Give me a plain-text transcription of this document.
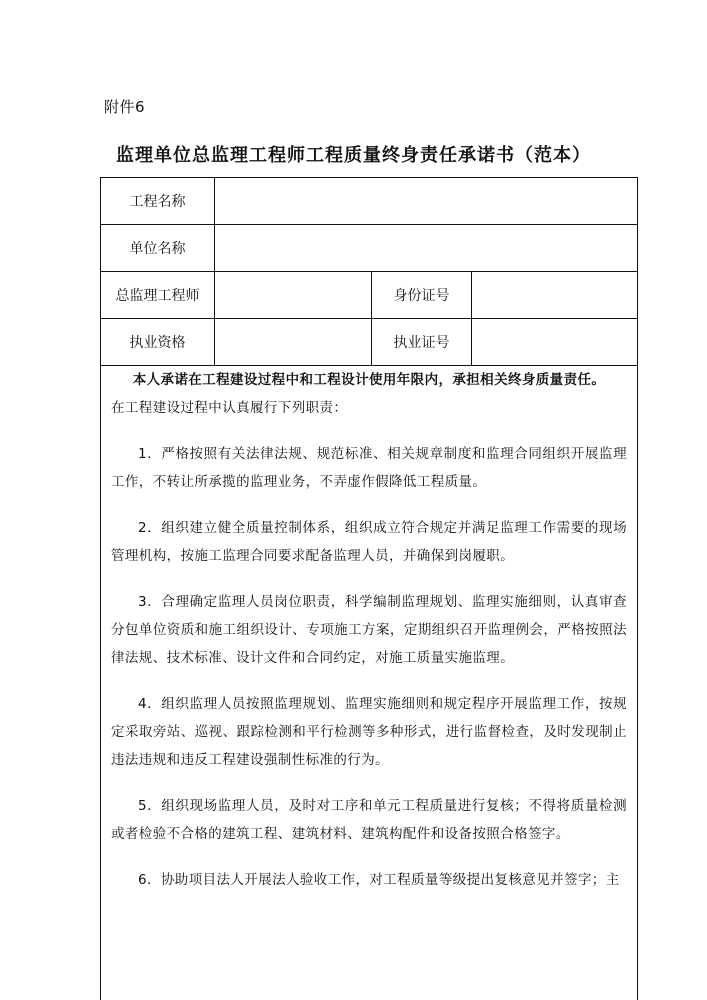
附件6
监理单位总监理工程师工程质量终身责任承诺书（范本）
工程名称
单位名称
总监理工程师	身份证号
执业资格	执业证号

本人承诺在工程建设过程中和工程设计使用年限内，承担相关终身质量责任。

在工程建设过程中认真履行下列职责：

1．严格按照有关法律法规、规范标准、相关规章制度和监理合同组织开展监理工作，不转让所承揽的监理业务，不弄虚作假降低工程质量。

2．组织建立健全质量控制体系，组织成立符合规定并满足监理工作需要的现场管理机构，按施工监理合同要求配备监理人员，并确保到岗履职。

3．合理确定监理人员岗位职责，科学编制监理规划、监理实施细则，认真审查分包单位资质和施工组织设计、专项施工方案，定期组织召开监理例会，严格按照法律法规、技术标准、设计文件和合同约定，对施工质量实施监理。

4．组织监理人员按照监理规划、监理实施细则和规定程序开展监理工作，按规定采取旁站、巡视、跟踪检测和平行检测等多种形式，进行监督检查，及时发现制止违法违规和违反工程建设强制性标准的行为。

5．组织现场监理人员，及时对工序和单元工程质量进行复核；不得将质量检测或者检验不合格的建筑工程、建筑材料、建筑构配件和设备按照合格签字。

6．协助项目法人开展法人验收工作，对工程质量等级提出复核意见并签字；主
